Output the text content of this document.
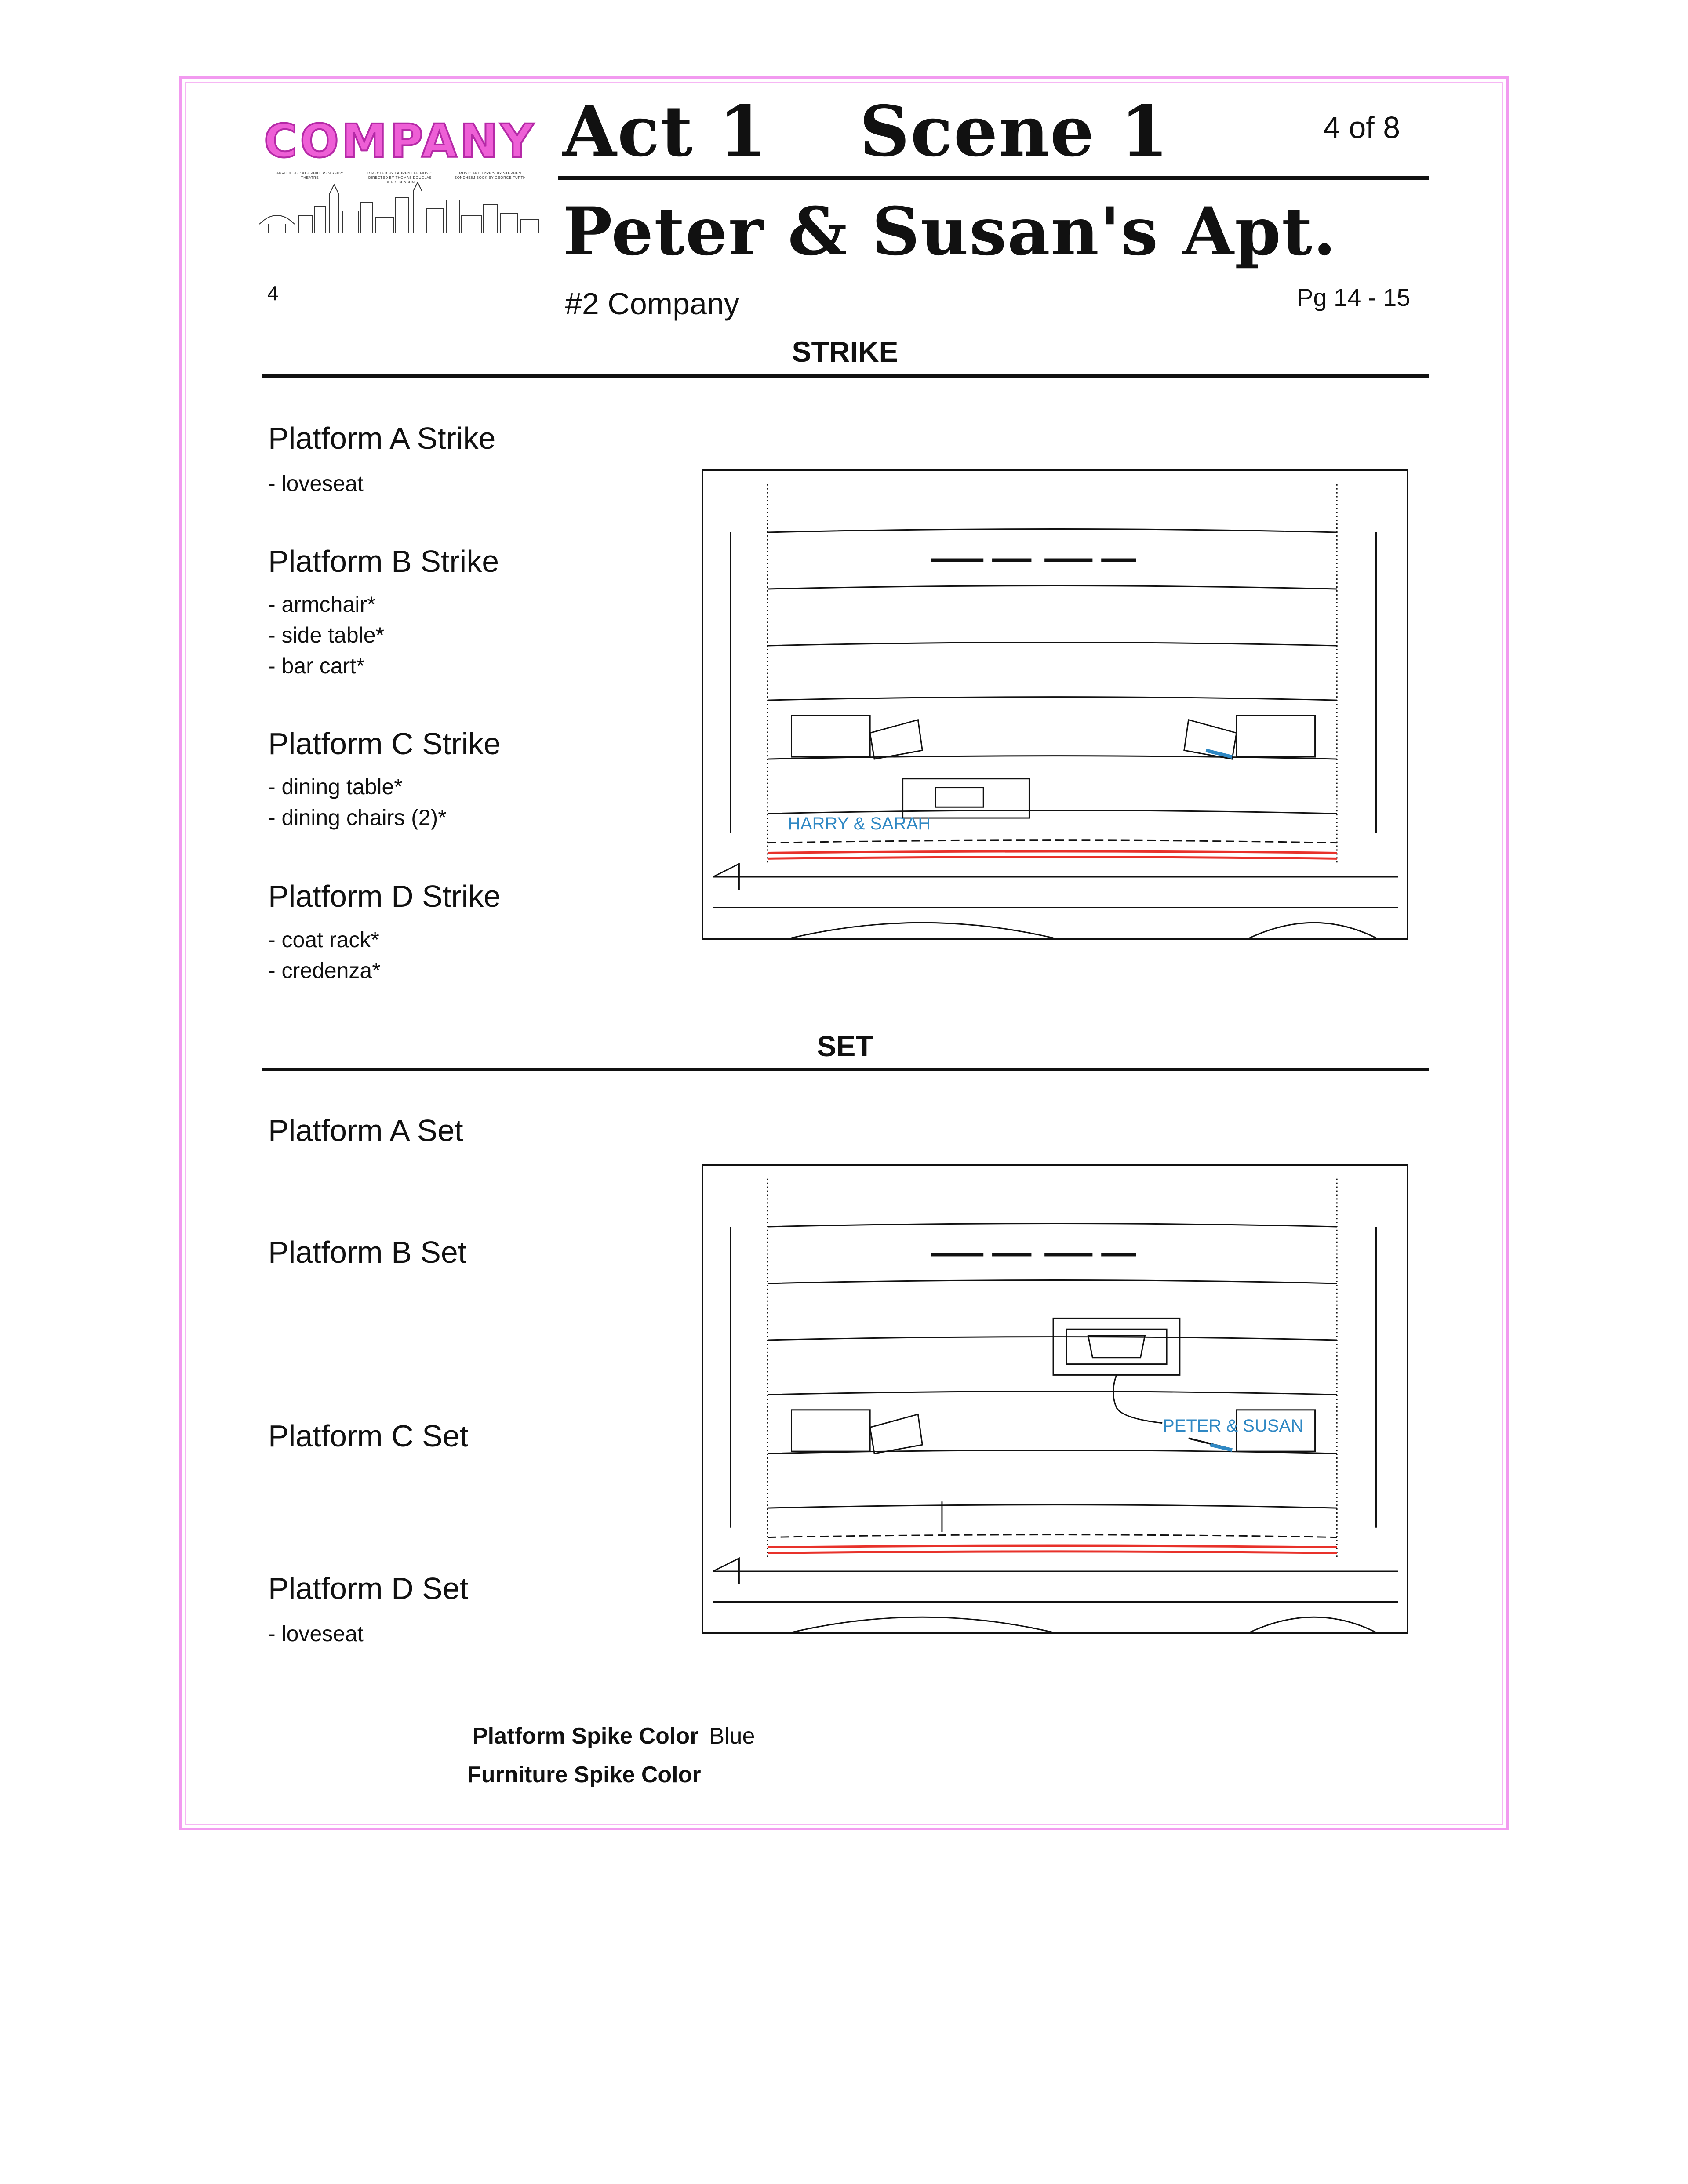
COMPANY
APRIL 4TH - 18TH PHILLIP CASSIDY THEATRE
DIRECTED BY LAUREN LEE MUSIC DIRECTED BY THOMAS DOUGLAS CHRIS BENSON
MUSIC AND LYRICS BY STEPHEN SONDHEIM BOOK BY GEORGE FURTH
Act 1 Scene 1	4 of 8
Peter & Susan's Apt.
4	#2 Company	Pg 14 - 15
STRIKE
Platform A Strike
- loveseat
Platform B Strike
- armchair*
- side table*
- bar cart*
Platform C Strike
- dining table*
- dining chairs (2)*
Platform D Strike
- coat rack*
- credenza*
HARRY & SARAH
SET
Platform A Set
Platform B Set
Platform C Set
Platform D Set
- loveseat
PETER & SUSAN
Platform Spike Color Blue
Furniture Spike Color
